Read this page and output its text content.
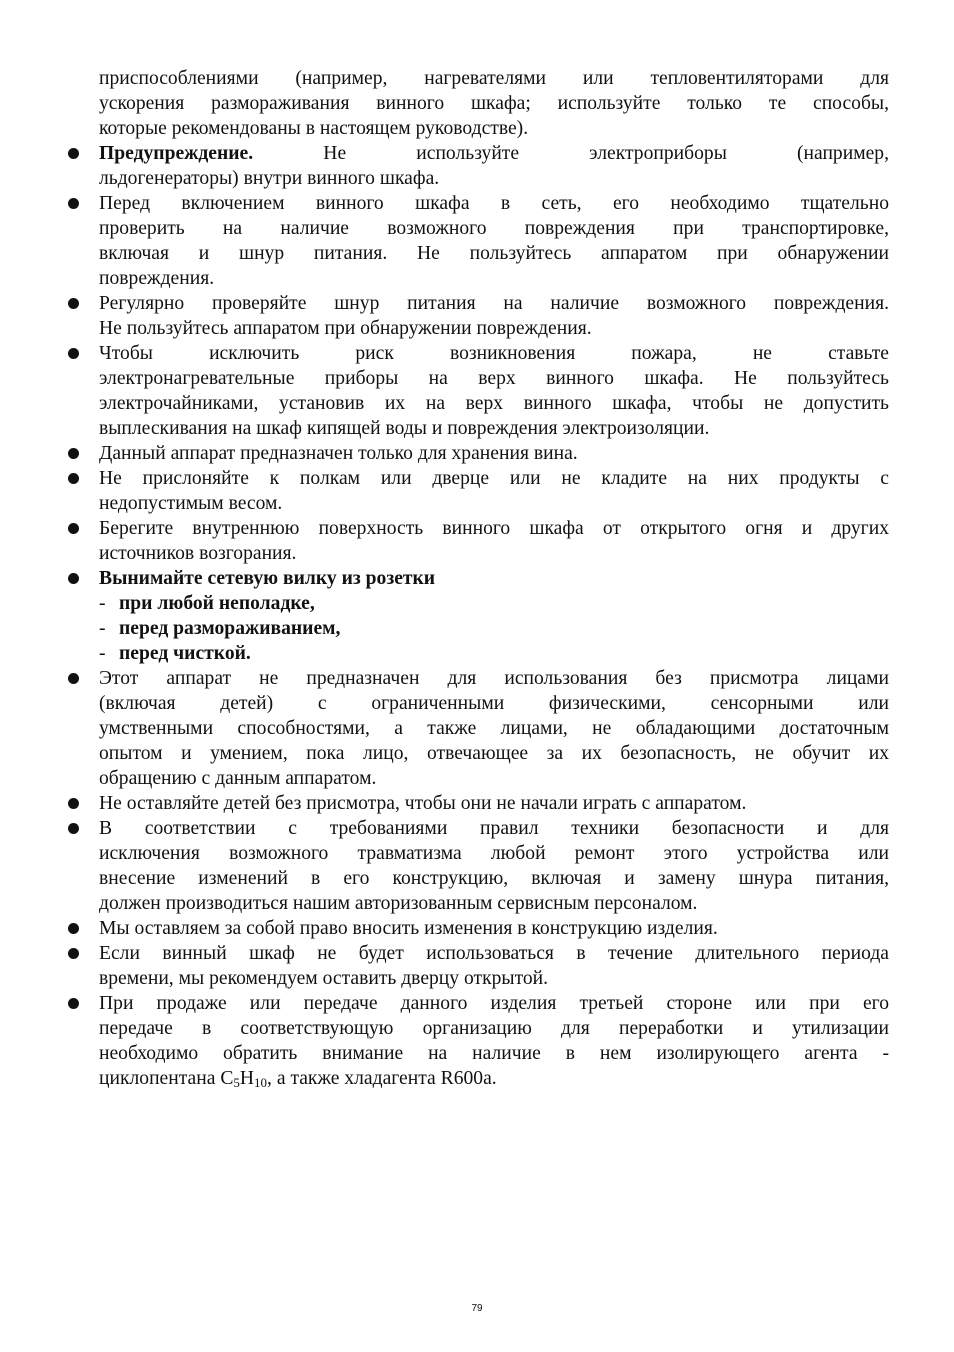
приспособлениями (например, нагревателями или тепловентиляторами для
ускорения размораживания винного шкафа; используйте только те способы,
которые рекомендованы в настоящем руководстве).
Предупреждение. Не используйте электроприборы (например,
льдогенераторы) внутри винного шкафа.
Перед включением винного шкафа в сеть, его необходимо тщательно
проверить на наличие возможного повреждения при транспортировке,
включая и шнур питания. Не пользуйтесь аппаратом при обнаружении
повреждения.
Регулярно проверяйте шнур питания на наличие возможного повреждения.
Не пользуйтесь аппаратом при обнаружении повреждения.
Чтобы исключить риск возникновения пожара, не ставьте
электронагревательные приборы на верх винного шкафа. Не пользуйтесь
электрочайниками, установив их на верх винного шкафа, чтобы не допустить
выплескивания на шкаф кипящей воды и повреждения электроизоляции.
Данный аппарат предназначен только для хранения вина.
Не прислоняйте к полкам или дверце или не кладите на них продукты с
недопустимым весом.
Берегите внутреннюю поверхность винного шкафа от открытого огня и других
источников возгорания.
Вынимайте сетевую вилку из розетки
- при любой неполадке,
- перед размораживанием,
- перед чисткой.
Этот аппарат не предназначен для использования без присмотра лицами
(включая детей) с ограниченными физическими, сенсорными или
умственными способностями, а также лицами, не обладающими достаточным
опытом и умением, пока лицо, отвечающее за их безопасность, не обучит их
обращению с данным аппаратом.
Не оставляйте детей без присмотра, чтобы они не начали играть с аппаратом.
В соответствии с требованиями правил техники безопасности и для
исключения возможного травматизма любой ремонт этого устройства или
внесение изменений в его конструкцию, включая и замену шнура питания,
должен производиться нашим авторизованным сервисным персоналом.
Мы оставляем за собой право вносить изменения в конструкцию изделия.
Если винный шкаф не будет использоваться в течение длительного периода
времени, мы рекомендуем оставить дверцу открытой.
При продаже или передаче данного изделия третьей стороне или при его
передаче в соответствующую организацию для переработки и утилизации
необходимо обратить внимание на наличие в нем изолирующего агента -
циклопентана $C_5H_{10}$, а также хладагента R600a.
79
